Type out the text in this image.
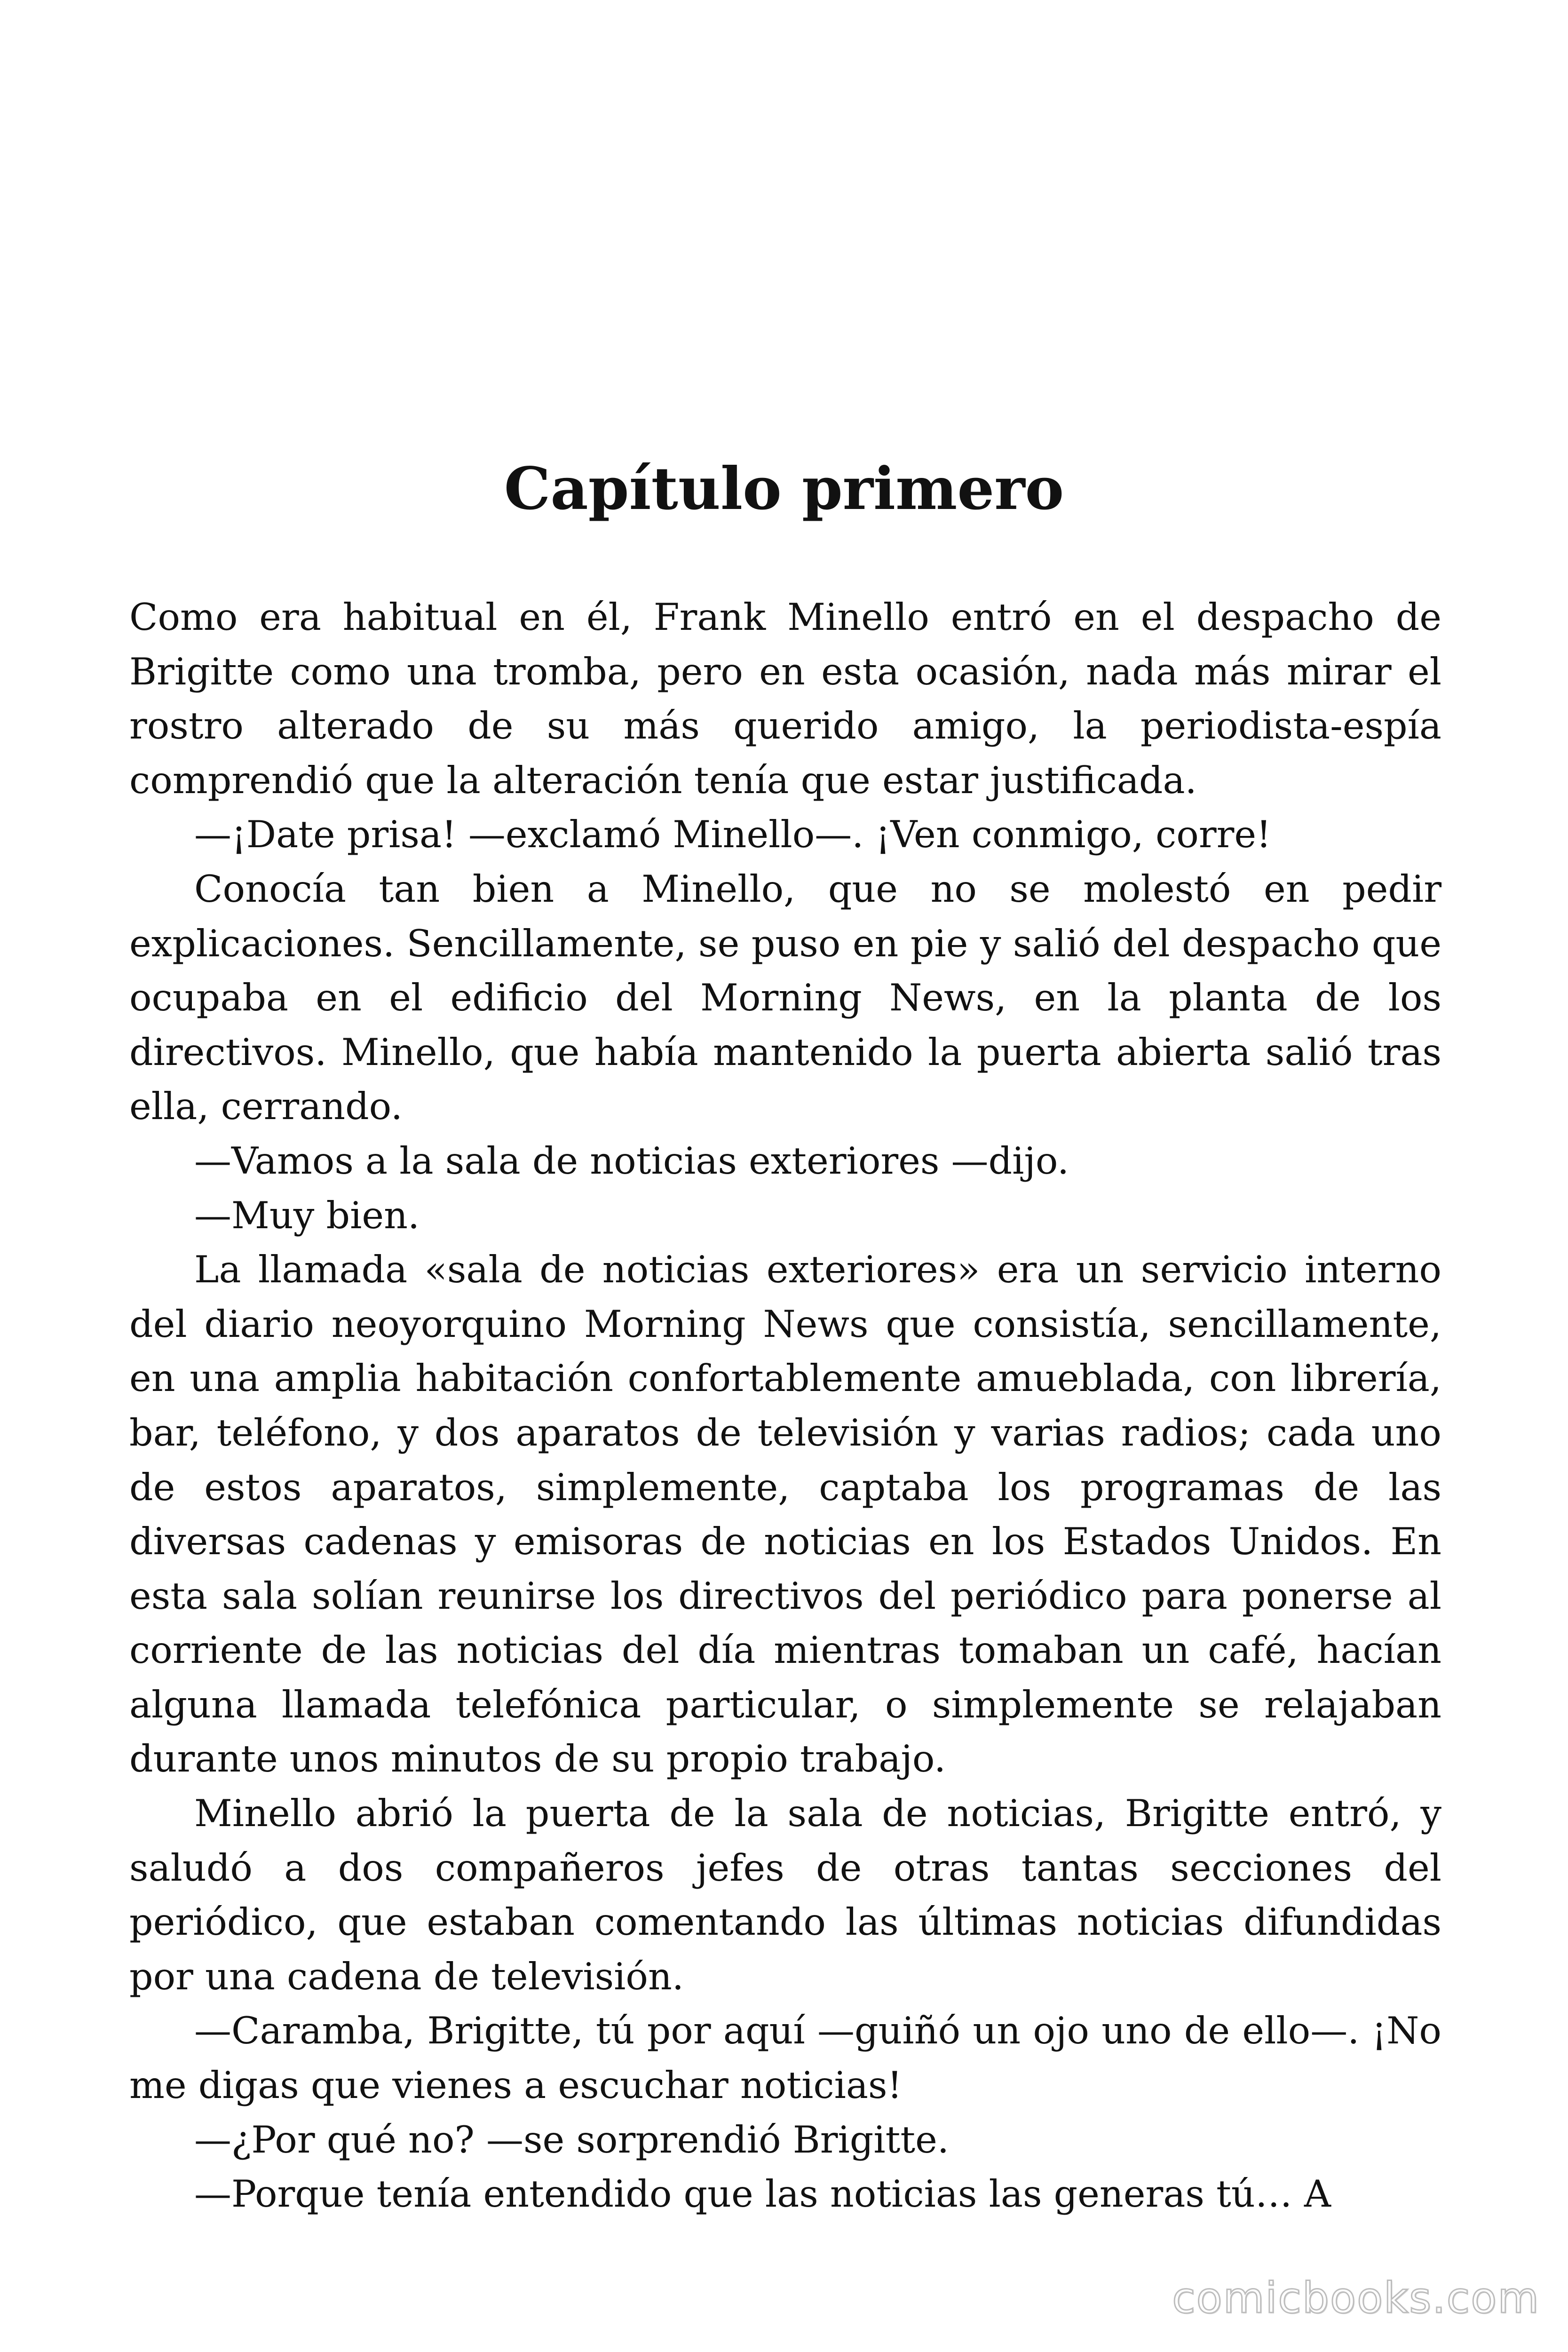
Capítulo primero

Como era habitual en él, Frank Minello entró en el despacho de Brigitte como una tromba, pero en esta ocasión, nada más mirar el rostro alterado de su más querido amigo, la periodista-espía comprendió que la alteración tenía que estar justificada.

—¡Date prisa! —exclamó Minello—. ¡Ven conmigo, corre!

Conocía tan bien a Minello, que no se molestó en pedir explicaciones. Sencillamente, se puso en pie y salió del despacho que ocupaba en el edificio del Morning News, en la planta de los directivos. Minello, que había mantenido la puerta abierta salió tras ella, cerrando.

—Vamos a la sala de noticias exteriores —dijo.

—Muy bien.

La llamada «sala de noticias exteriores» era un servicio interno del diario neoyorquino Morning News que consistía, sencillamente, en una amplia habitación confortablemente amueblada, con librería, bar, teléfono, y dos aparatos de televisión y varias radios; cada uno de estos aparatos, simplemente, captaba los programas de las diversas cadenas y emisoras de noticias en los Estados Unidos. En esta sala solían reunirse los directivos del periódico para ponerse al corriente de las noticias del día mientras tomaban un café, hacían alguna llamada telefónica particular, o simplemente se relajaban durante unos minutos de su propio trabajo.

Minello abrió la puerta de la sala de noticias, Brigitte entró, y saludó a dos compañeros jefes de otras tantas secciones del periódico, que estaban comentando las últimas noticias difundidas por una cadena de televisión.

—Caramba, Brigitte, tú por aquí —guiñó un ojo uno de ello—. ¡No me digas que vienes a escuchar noticias!

—¿Por qué no? —se sorprendió Brigitte.

—Porque tenía entendido que las noticias las generas tú… A

comicbooks.com
